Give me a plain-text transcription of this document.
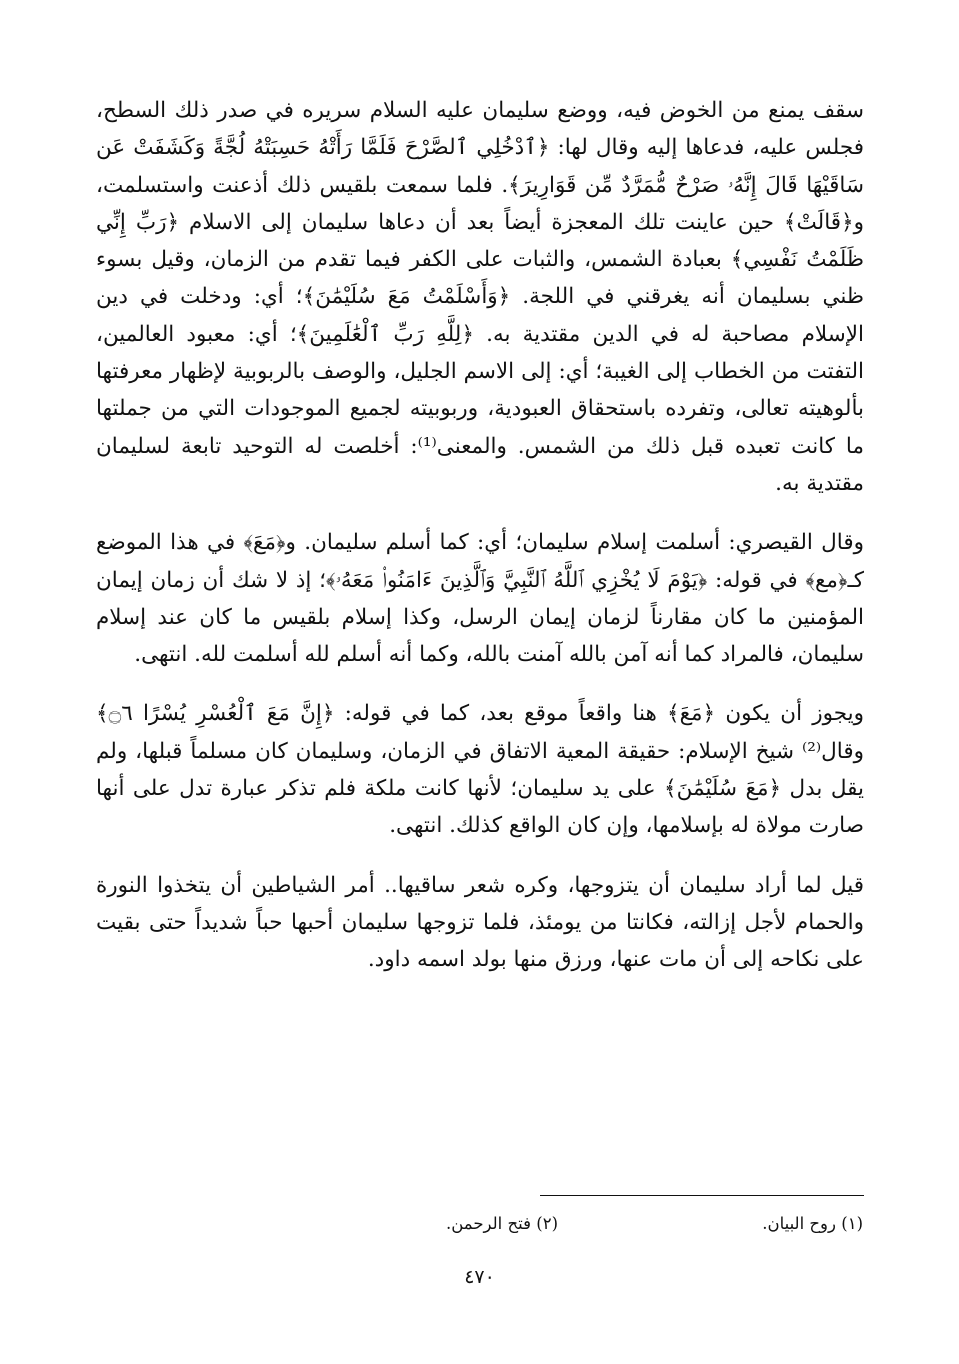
سقف يمنع من الخوض فيه، ووضع سليمان عليه السلام سريره في صدر ذلك السطح، فجلس عليه، فدعاها إليه وقال لها: ﴿ٱدْخُلِي ٱلصَّرْحَ فَلَمَّا رَأَتْهُ حَسِبَتْهُ لُجَّةً وَكَشَفَتْ عَن سَاقَيْهَا قَالَ إِنَّهُۥ صَرْحٌ مُّمَرَّدٌ مِّن قَوَارِيرَ﴾. فلما سمعت بلقيس ذلك أذعنت واستسلمت، و﴿قَالَتْ﴾ حين عاينت تلك المعجزة أيضاً بعد أن دعاها سليمان إلى الاسلام ﴿رَبِّ إِنِّي ظَلَمْتُ نَفْسِي﴾ بعبادة الشمس، والثبات على الكفر فيما تقدم من الزمان، وقيل بسوء ظني بسليمان أنه يغرقني في اللجة. ﴿وَأَسْلَمْتُ مَعَ سُلَيْمَٰنَ﴾؛ أي: ودخلت في دين الإسلام مصاحبة له في الدين مقتدية به. ﴿لِلَّهِ رَبِّ ٱلْعَٰلَمِينَ﴾؛ أي: معبود العالمين، التفتت من الخطاب إلى الغيبة؛ أي: إلى الاسم الجليل، والوصف بالربوبية لإظهار معرفتها بألوهيته تعالى، وتفرده باستحقاق العبودية، وربوبيته لجميع الموجودات التي من جملتها ما كانت تعبده قبل ذلك من الشمس. والمعنى⁽¹⁾: أخلصت له التوحيد تابعة لسليمان مقتدية به.

وقال القيصري: أسلمت إسلام سليمان؛ أي: كما أسلم سليمان. و﴿مَعَ﴾ في هذا الموضع كـ﴿مع﴾ في قوله: ﴿يَوْمَ لَا يُخْزِي ٱللَّهُ ٱلنَّبِيَّ وَٱلَّذِينَ ءَامَنُوا۟ مَعَهُۥ﴾؛ إذ لا شك أن زمان إيمان المؤمنين ما كان مقارناً لزمان إيمان الرسل، وكذا إسلام بلقيس ما كان عند إسلام سليمان، فالمراد كما أنه آمن بالله آمنت بالله، وكما أنه أسلم لله أسلمت لله. انتهى.

ويجوز أن يكون ﴿مَعَ﴾ هنا واقعاً موقع بعد، كما في قوله: ﴿إِنَّ مَعَ ٱلْعُسْرِ يُسْرًا ۝٦﴾ وقال⁽²⁾ شيخ الإسلام: حقيقة المعية الاتفاق في الزمان، وسليمان كان مسلماً قبلها، ولم يقل بدل ﴿مَعَ سُلَيْمَٰنَ﴾ على يد سليمان؛ لأنها كانت ملكة فلم تذكر عبارة تدل على أنها صارت مولاة له بإسلامها، وإن كان الواقع كذلك. انتهى.

قيل لما أراد سليمان أن يتزوجها، وكره شعر ساقيها.. أمر الشياطين أن يتخذوا النورة والحمام لأجل إزالته، فكانتا من يومئذ، فلما تزوجها سليمان أحبها حباً شديداً حتى بقيت على نكاحه إلى أن مات عنها، ورزق منها بولد اسمه داود.

(١) روح البيان.
(٢) فتح الرحمن.
٤٧٠
